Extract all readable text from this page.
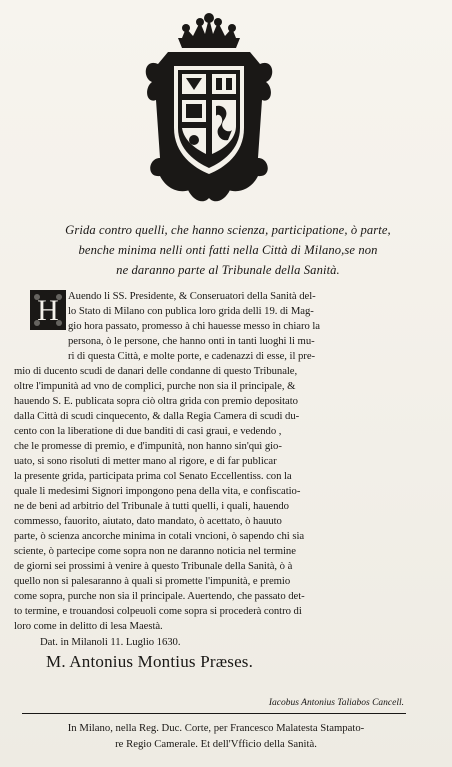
Grida contro quelli, che hanno scienza, participatione, ò parte,
benche minima nelli onti fatti nella Città di Milano,se non
ne daranno parte al Tribunale della Sanità.
H Auendo li SS. Presidente, & Conseruatori della Sanità del-
lo Stato di Milano con publica loro grida delli 19. di Mag-
gio hora passato, promesso à chi hauesse messo in chiaro la
persona, ò le persone, che hanno onti in tanti luoghi li mu-
ri di questa Città, e molte porte, e cadenazzi di esse, il pre-
mio di ducento scudi de danari delle condanne di questo Tribunale,
oltre l'impunità ad vno de complici, purche non sia il principale, &
hauendo S. E. publicata sopra ciò oltra grida con premio depositato
dalla Città di scudi cinquecento, & dalla Regia Camera di scudi du-
cento con la liberatione di due banditi di casi graui, e vedendo ,
che le promesse di premio, e d'impunità, non hanno sin'quì gio-
uato, si sono risoluti di metter mano al rigore, e di far publicar
la presente grida, participata prima col Senato Eccellentiss. con la
quale li medesimi Signori impongono pena della vita, e confiscatio-
ne de beni ad arbitrio del Tribunale à tutti quelli, i quali, hauendo
commesso, fauorito, aiutato, dato mandato, ò acettato, ò hauuto
parte, ò scienza ancorche minima in cotali vncioni, ò sapendo chi sia
sciente, ò partecipe come sopra non ne daranno noticia nel termine
de giorni sei prossimi à venire à questo Tribunale della Sanità, ò à
quello non si palesaranno à quali si promette l'impunità, e premio
come sopra, purche non sia il principale. Auertendo, che passato det-
to termine, e trouandosi colpeuoli come sopra si procederà contro di
loro come in delitto di lesa Maestà.
M. Antonius Montius Præses.
Iacobus Antonius Taliabos Cancell.
In Milano, nella Reg. Duc. Corte, per Francesco Malatesta Stampato-
re Regio Camerale. Et dell'Vfficio della Sanità.
Dat. in Milanoli 11. Luglio 1630.
